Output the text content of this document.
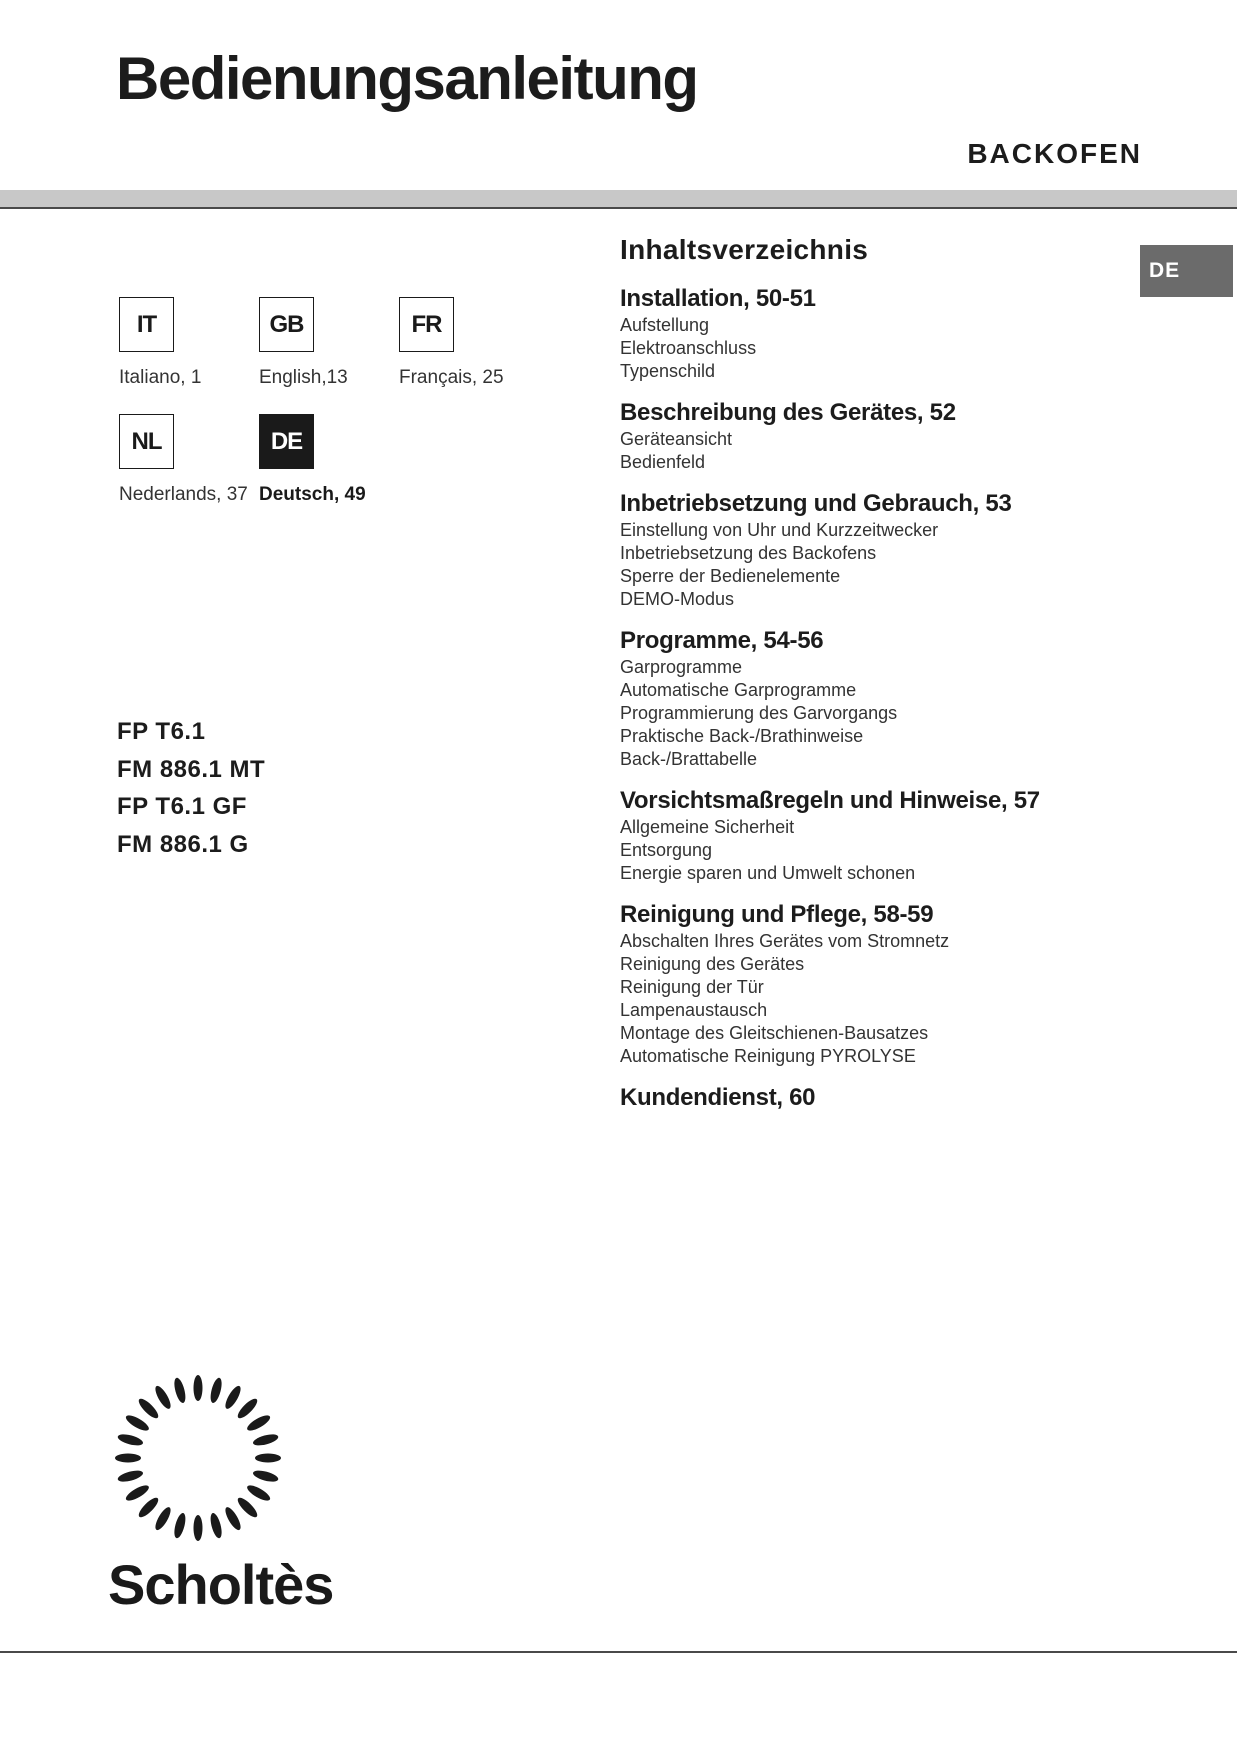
Bedienungsanleitung
BACKOFEN
DE
IT
Italiano, 1
GB
English,13
FR
Français, 25
NL
Nederlands, 37
DE
Deutsch, 49
FP T6.1
FM 886.1 MT
FP T6.1 GF
FM 886.1 G
Inhaltsverzeichnis
Installation, 50-51
Aufstellung
Elektroanschluss
Typenschild
Beschreibung des Gerätes, 52
Geräteansicht
Bedienfeld
Inbetriebsetzung und Gebrauch, 53
Einstellung von Uhr und Kurzzeitwecker
Inbetriebsetzung des Backofens
Sperre der Bedienelemente
DEMO-Modus
Programme, 54-56
Garprogramme
Automatische Garprogramme
Programmierung des Garvorgangs
Praktische Back-/Brathinweise
Back-/Brattabelle
Vorsichtsmaßregeln und Hinweise, 57
Allgemeine Sicherheit
Entsorgung
Energie sparen und Umwelt schonen
Reinigung und Pflege, 58-59
Abschalten Ihres Gerätes vom Stromnetz
Reinigung des Gerätes
Reinigung der Tür
Lampenaustausch
Montage des Gleitschienen-Bausatzes
Automatische Reinigung PYROLYSE
Kundendienst, 60
Scholtès
